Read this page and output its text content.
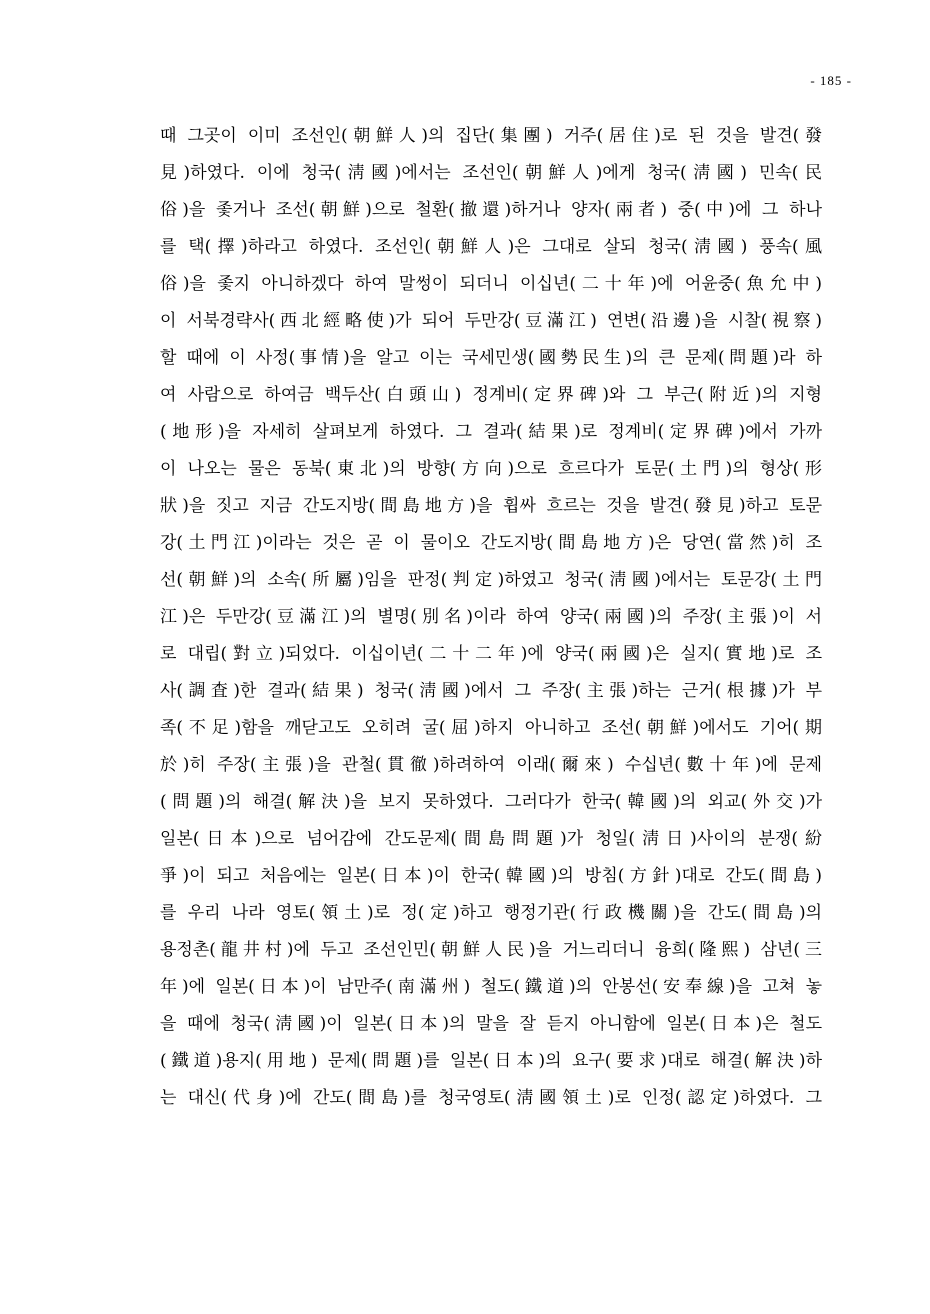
- 185 -
때 그곳이 이미 조선인(朝鮮人)의 집단(集團) 거주(居住)로 된 것을 발견(發
見)하였다. 이에 청국(淸國)에서는 조선인(朝鮮人)에게 청국(淸國) 민속(民
俗)을 좇거나 조선(朝鮮)으로 철환(撤還)하거나 양자(兩者) 중(中)에 그 하나
를 택(擇)하라고 하였다. 조선인(朝鮮人)은 그대로 살되 청국(淸國) 풍속(風
俗)을 좇지 아니하겠다 하여 말썽이 되더니 이십년(二十年)에 어윤중(魚允中)
이 서북경략사(西北經略使)가 되어 두만강(豆滿江) 연변(沿邊)을 시찰(視察)
할 때에 이 사정(事情)을 알고 이는 국세민생(國勢民生)의 큰 문제(問題)라 하
여 사람으로 하여금 백두산(白頭山) 정계비(定界碑)와 그 부근(附近)의 지형
(地形)을 자세히 살펴보게 하였다. 그 결과(結果)로 정계비(定界碑)에서 가까
이 나오는 물은 동북(東北)의 방향(方向)으로 흐르다가 토문(土門)의 형상(形
狀)을 짓고 지금 간도지방(間島地方)을 휩싸 흐르는 것을 발견(發見)하고 토문
강(土門江)이라는 것은 곧 이 물이오 간도지방(間島地方)은 당연(當然)히 조
선(朝鮮)의 소속(所屬)임을 판정(判定)하였고 청국(淸國)에서는 토문강(土門
江)은 두만강(豆滿江)의 별명(別名)이라 하여 양국(兩國)의 주장(主張)이 서
로 대립(對立)되었다. 이십이년(二十二年)에 양국(兩國)은 실지(實地)로 조
사(調査)한 결과(結果) 청국(淸國)에서 그 주장(主張)하는 근거(根據)가 부
족(不足)함을 깨닫고도 오히려 굴(屈)하지 아니하고 조선(朝鮮)에서도 기어(期
於)히 주장(主張)을 관철(貫徹)하려하여 이래(爾來) 수십년(數十年)에 문제
(問題)의 해결(解決)을 보지 못하였다. 그러다가 한국(韓國)의 외교(外交)가
일본(日本)으로 넘어감에 간도문제(間島問題)가 청일(淸日)사이의 분쟁(紛
爭)이 되고 처음에는 일본(日本)이 한국(韓國)의 방침(方針)대로 간도(間島)
를 우리 나라 영토(領土)로 정(定)하고 행정기관(行政機關)을 간도(間島)의
용정촌(龍井村)에 두고 조선인민(朝鮮人民)을 거느리더니 융희(隆熙) 삼년(三
年)에 일본(日本)이 남만주(南滿州) 철도(鐵道)의 안봉선(安奉線)을 고쳐 놓
을 때에 청국(淸國)이 일본(日本)의 말을 잘 듣지 아니함에 일본(日本)은 철도
(鐵道)용지(用地) 문제(問題)를 일본(日本)의 요구(要求)대로 해결(解決)하
는 대신(代身)에 간도(間島)를 청국영토(淸國領土)로 인정(認定)하였다. 그
